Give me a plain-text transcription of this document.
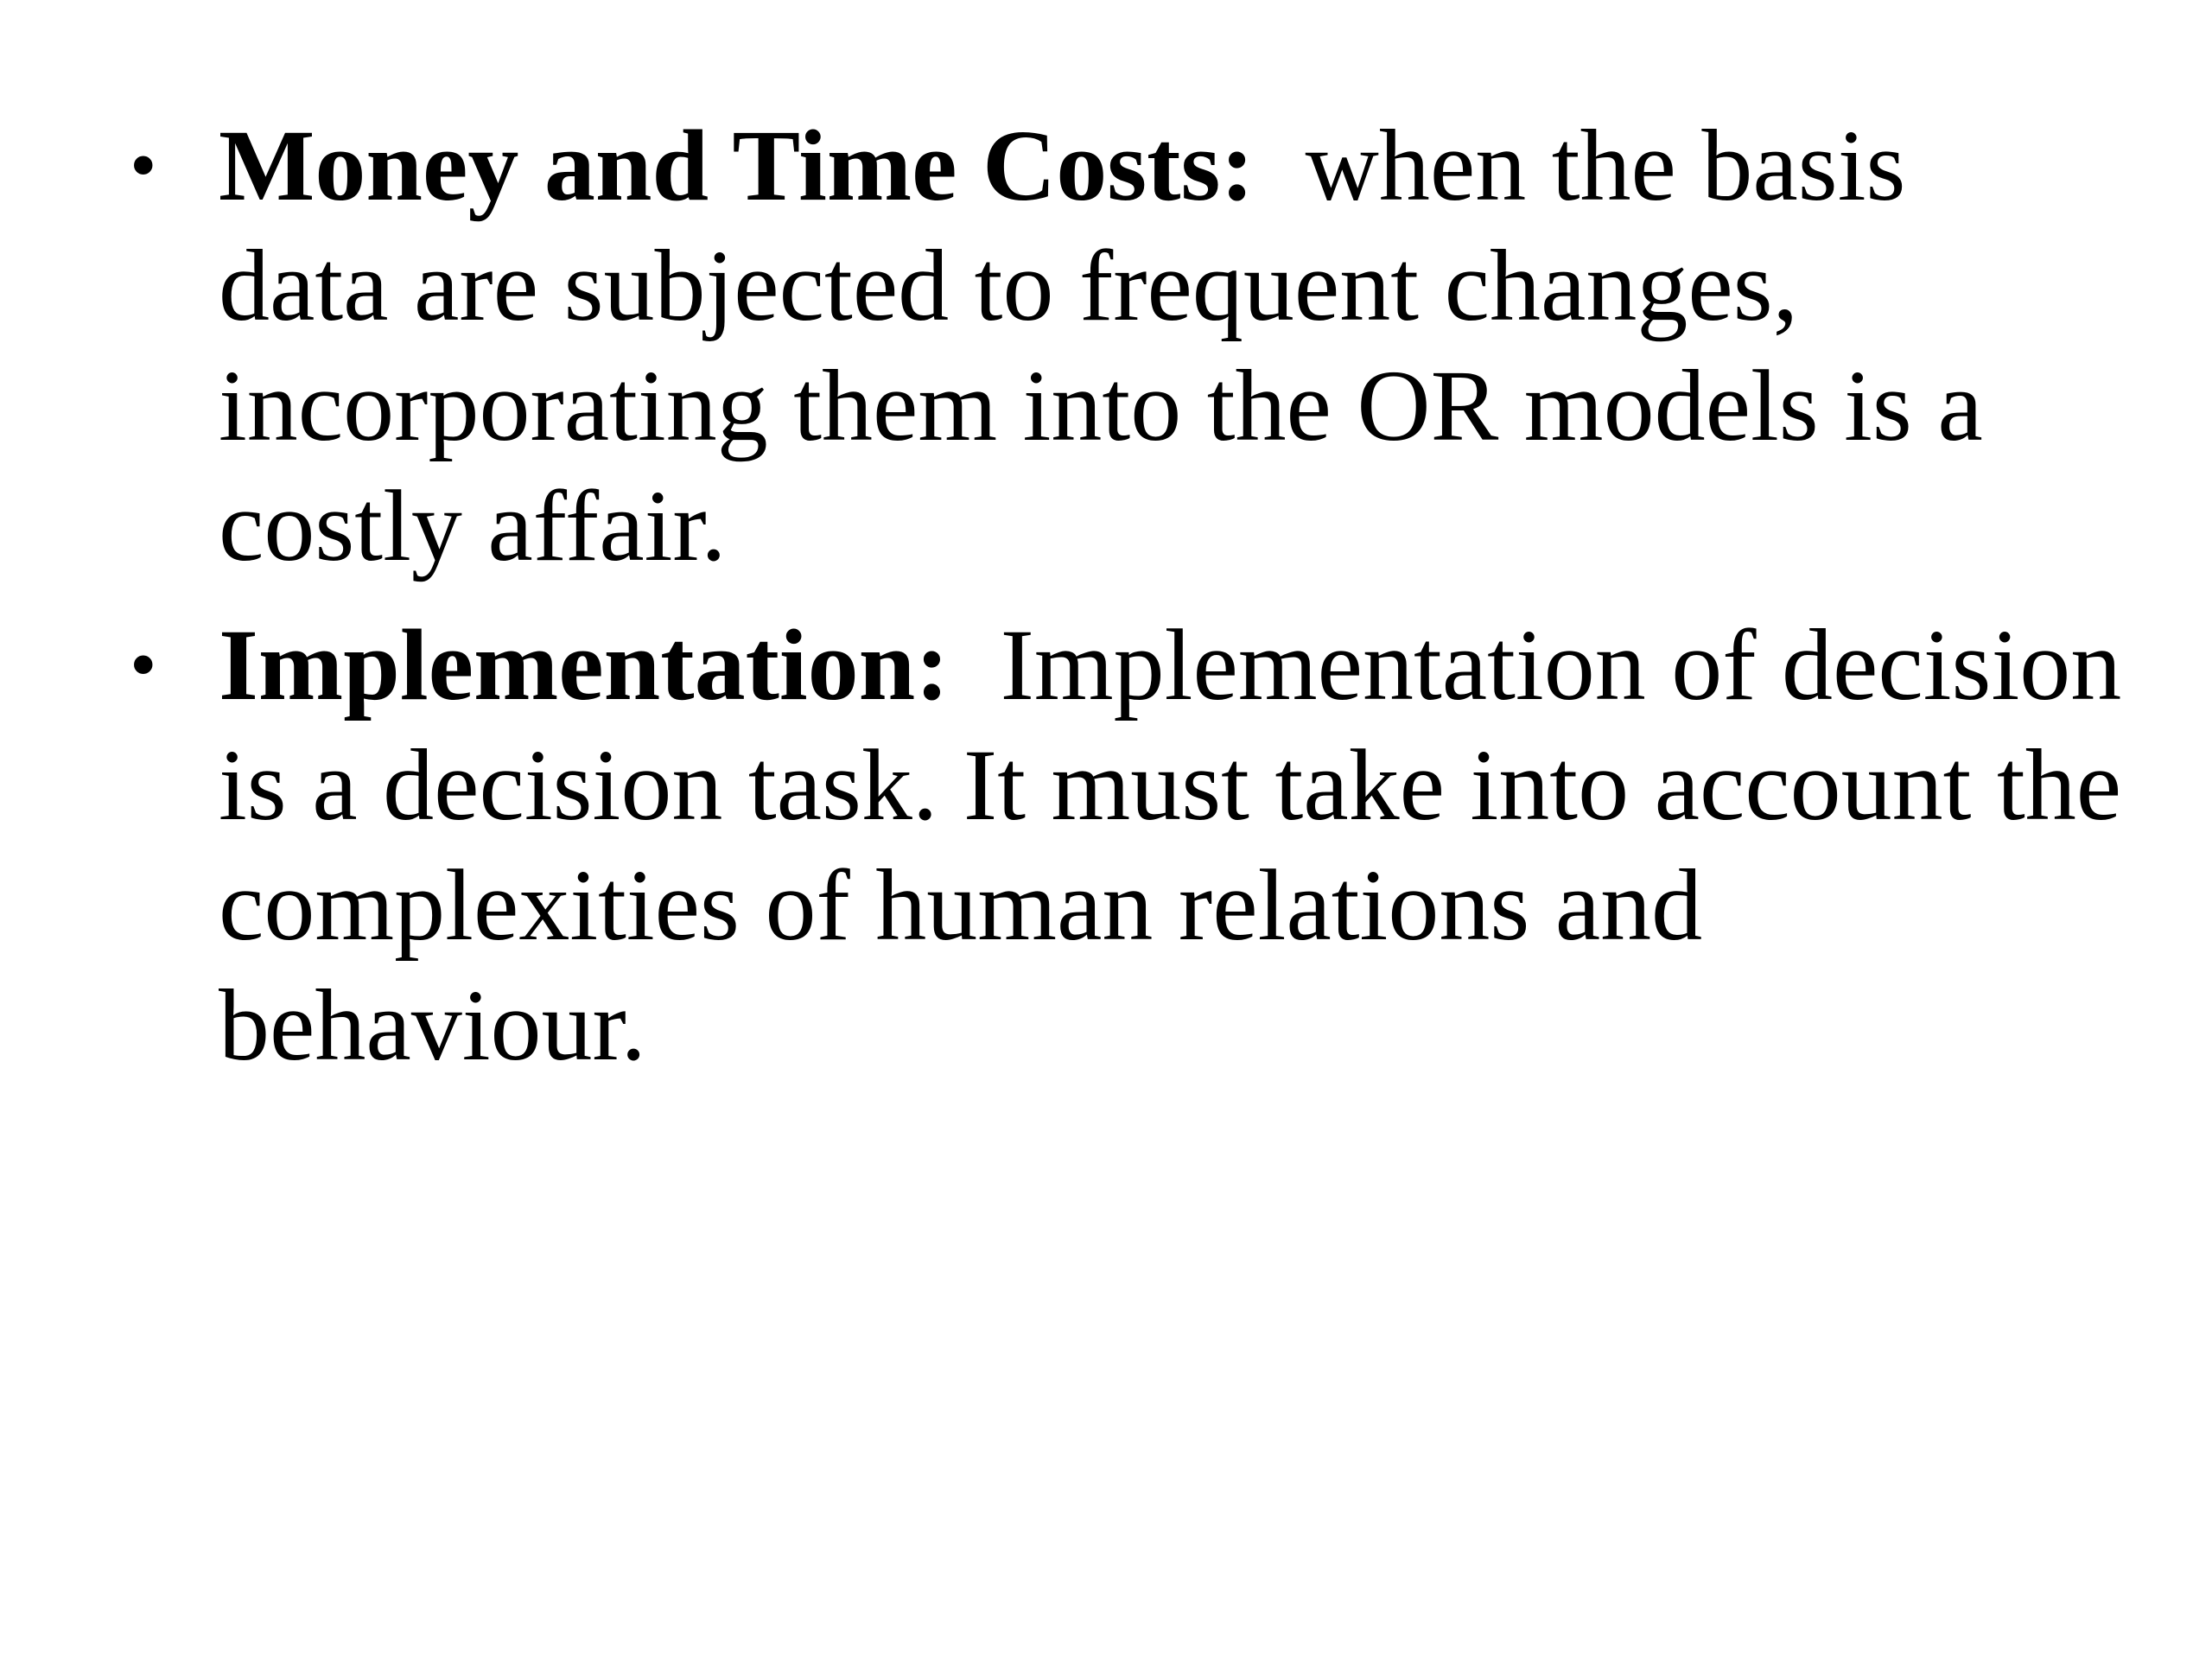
• Money and Time Costs:  when the basis data are subjected to frequent changes, incorporating them into the OR models is a costly affair.
• Implementation:  Implementation of decision is a decision task. It must take into account the complexities of human relations and behaviour.
